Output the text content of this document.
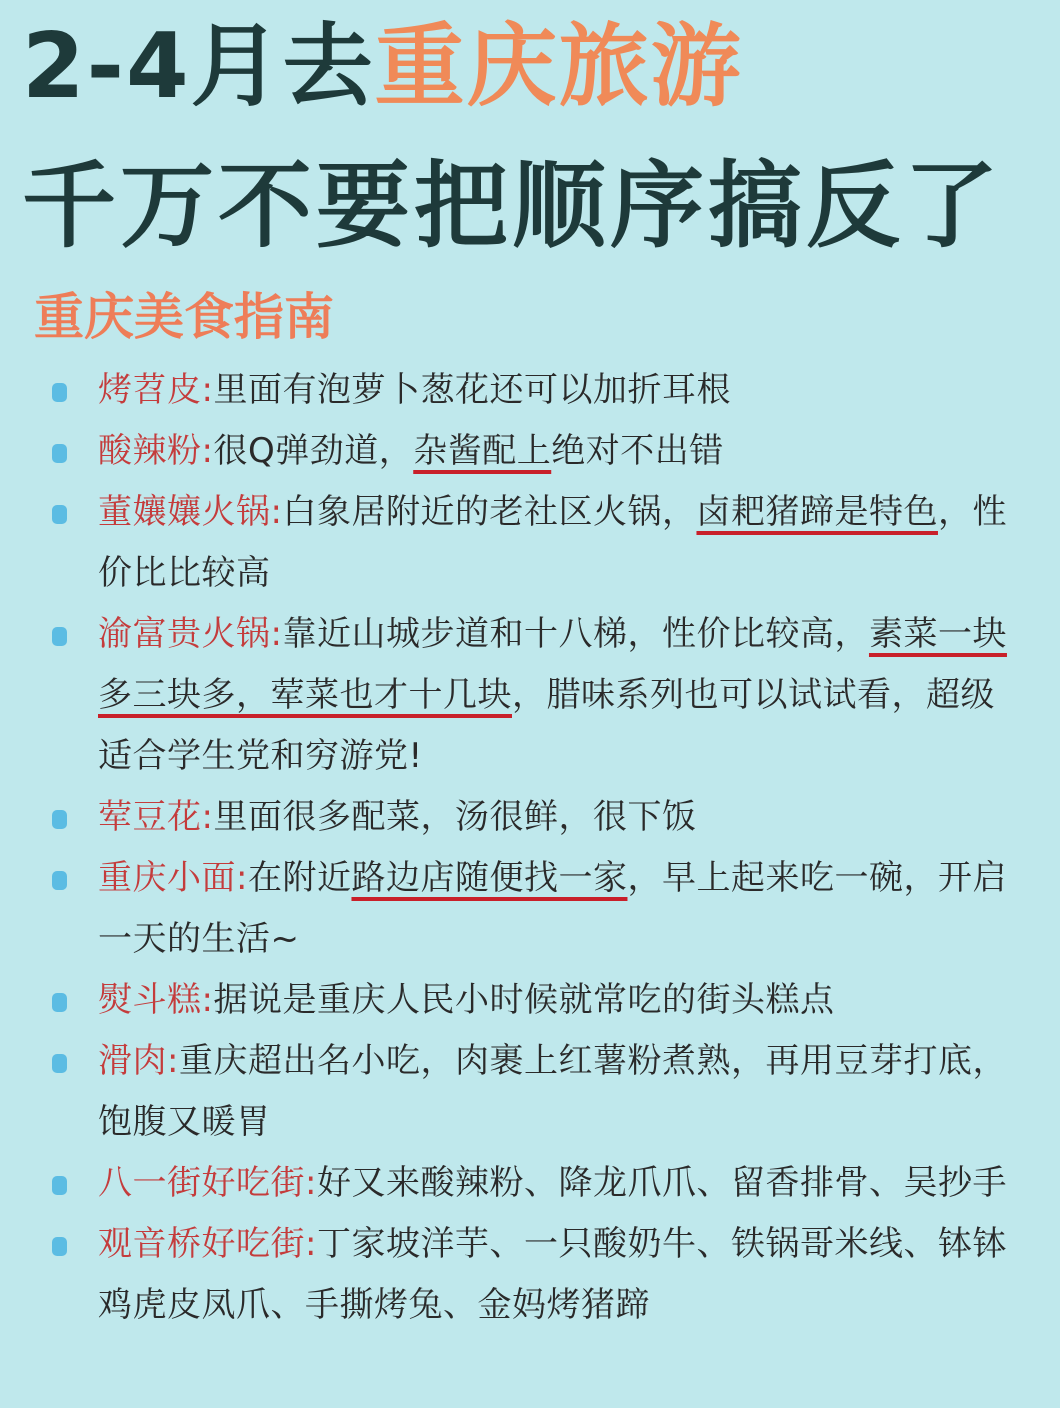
2-4月去重庆旅游
千万不要把顺序搞反了
重庆美食指南
烤苕皮:里面有泡萝卜葱花还可以加折耳根
酸辣粉:很Q弹劲道，杂酱配上绝对不出错
董孃孃火锅:白象居附近的老社区火锅，卤耙猪蹄是特色，性价比比较高
渝富贵火锅:靠近山城步道和十八梯，性价比较高，素菜一块多三块多，荤菜也才十几块，腊味系列也可以试试看，超级适合学生党和穷游党!
荤豆花:里面很多配菜，汤很鲜，很下饭
重庆小面:在附近路边店随便找一家，早上起来吃一碗，开启一天的生活~
熨斗糕:据说是重庆人民小时候就常吃的街头糕点
滑肉:重庆超出名小吃，肉裹上红薯粉煮熟，再用豆芽打底，饱腹又暖胃
八一街好吃街:好又来酸辣粉、降龙爪爪、留香排骨、吴抄手
观音桥好吃街:丁家坡洋芋、一只酸奶牛、铁锅哥米线、钵钵鸡虎皮凤爪、手撕烤兔、金妈烤猪蹄
